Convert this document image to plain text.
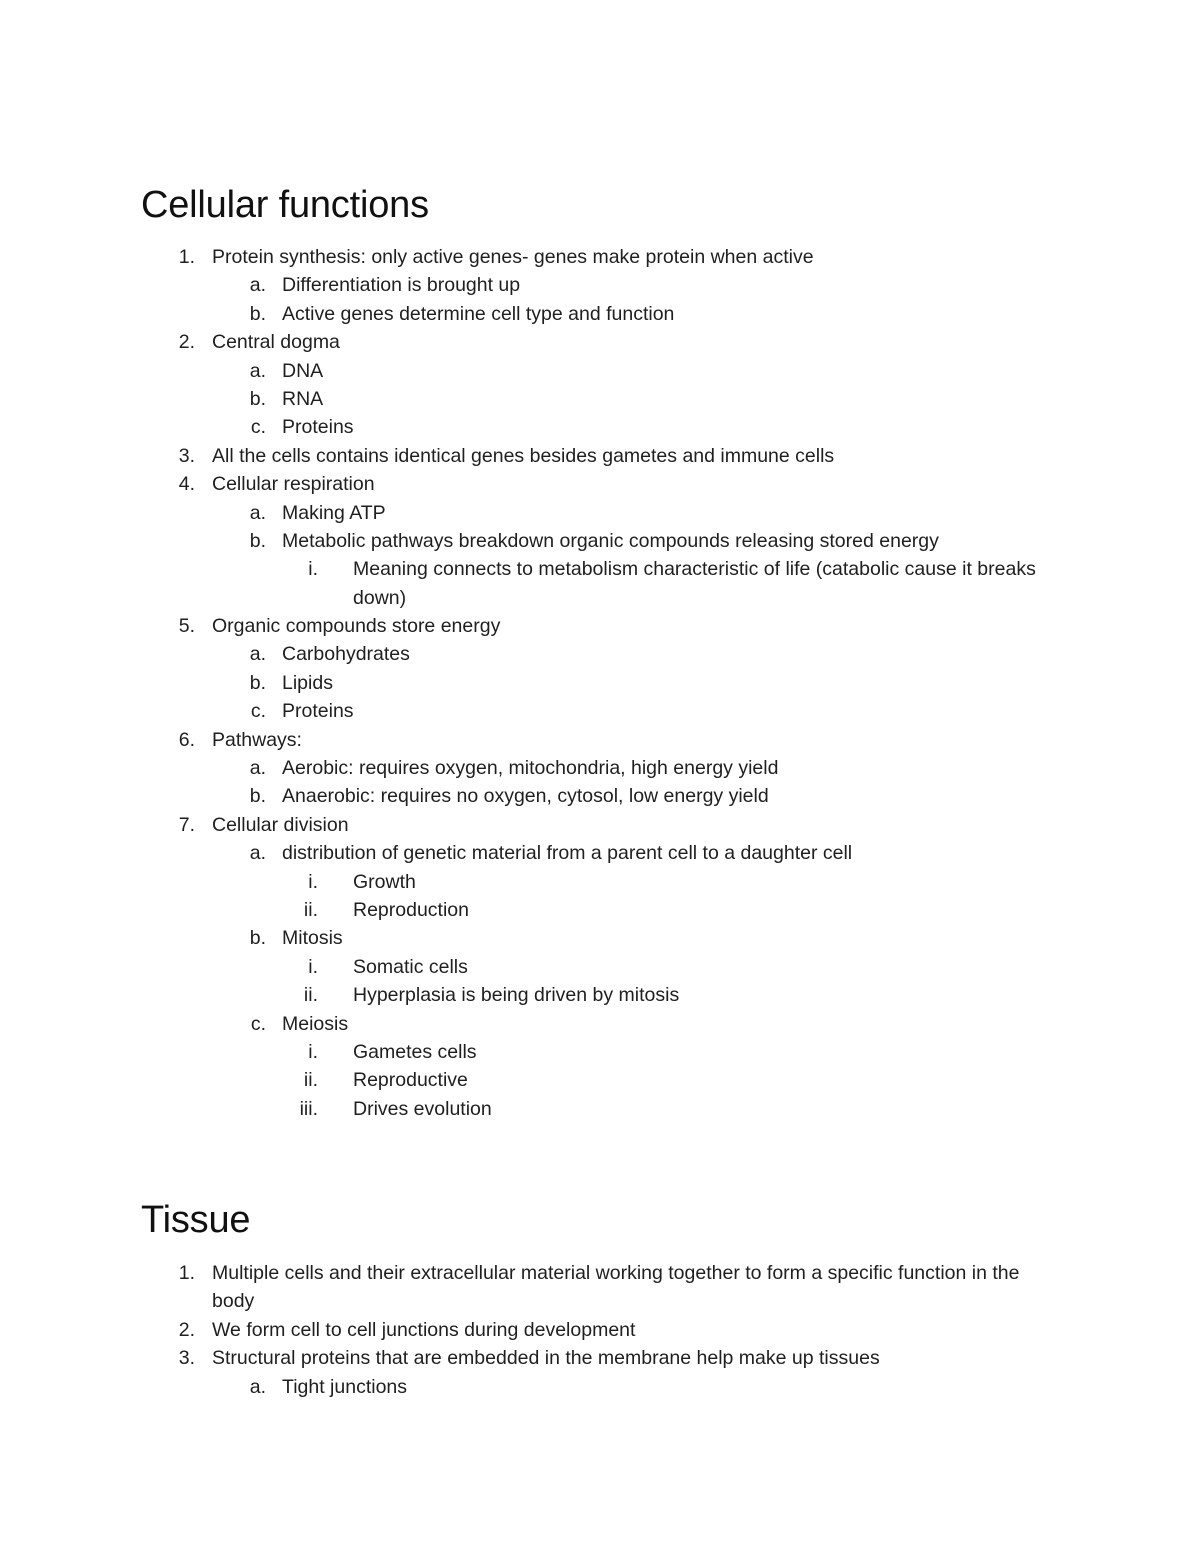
Cellular functions
1. Protein synthesis: only active genes- genes make protein when active
a. Differentiation is brought up
b. Active genes determine cell type and function
2. Central dogma
a. DNA
b. RNA
c. Proteins
3. All the cells contains identical genes besides gametes and immune cells
4. Cellular respiration
a. Making ATP
b. Metabolic pathways breakdown organic compounds releasing stored energy
i. Meaning connects to metabolism characteristic of life (catabolic cause it breaks down)
5. Organic compounds store energy
a. Carbohydrates
b. Lipids
c. Proteins
6. Pathways:
a. Aerobic: requires oxygen, mitochondria, high energy yield
b. Anaerobic: requires no oxygen, cytosol, low energy yield
7. Cellular division
a. distribution of genetic material from a parent cell to a daughter cell
i. Growth
ii. Reproduction
b. Mitosis
i. Somatic cells
ii. Hyperplasia is being driven by mitosis
c. Meiosis
i. Gametes cells
ii. Reproductive
iii. Drives evolution
Tissue
1. Multiple cells and their extracellular material working together to form a specific function in the body
2. We form cell to cell junctions during development
3. Structural proteins that are embedded in the membrane help make up tissues
a. Tight junctions
